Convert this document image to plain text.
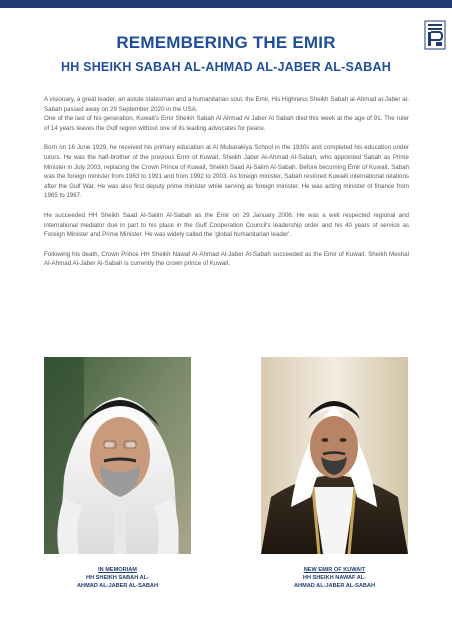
REMEMBERING THE EMIR
HH SHEIKH SABAH AL-AHMAD AL-JABER AL-SABAH

A visionary, a great leader, an astute statesman and a humanitarian soul, the Emir, His Highness Sheikh Sabah al-Ahmad al-Jaber al-Sabah passed away on 29 September 2020 in the USA.

One of the last of his generation, Kuwait's Emir Sheikh Sabah Al Ahmad Al Jaber Al Sabah died this week at the age of 91. The ruler of 14 years leaves the Gulf region without one of its leading advocates for peace.

Born on 16 June 1929, he received his primary education at Al Mubarakiya School in the 1930s and completed his education under tutors. He was the half-brother of the previous Emir of Kuwait, Sheikh Jaber Al-Ahmad Al-Sabah, who appointed Sabah as Prime Minister in July 2003, replacing the Crown Prince of Kuwait, Sheikh Saad Al-Salim Al-Sabah. Before becoming Emir of Kuwait, Sabah was the foreign minister from 1963 to 1991 and from 1992 to 2003. As foreign minister, Sabah restored Kuwaiti international relations after the Gulf War. He was also first deputy prime minister while serving as foreign minister. He was acting minister of finance from 1965 to 1967.

He succeeded HH Sheikh Saad Al-Salim Al-Sabah as the Emir on 29 January 2006. He was a well respected regional and international mediator due in part to his place in the Gulf Cooperation Council's leadership order and his 40 years of service as Foreign Minister and Prime Minister. He was widely called the 'global humanitarian leader'.

Following his death, Crown Prince HH Sheikh Nawaf Al-Ahmad Al-Jaber Al-Sabah succeeded as the Emir of Kuwait. Sheikh Meshal Al-Ahmad Al-Jaber Al-Sabah is currently the crown prince of Kuwait.

IN MEMORIAM
HH SHEIKH SABAH AL-
AHMAD AL-JABER AL-SABAH
NEW EMIR OF KUWAIT
HH SHEIKH NAWAF AL-
AHMAD AL-JABER AL-SABAH
